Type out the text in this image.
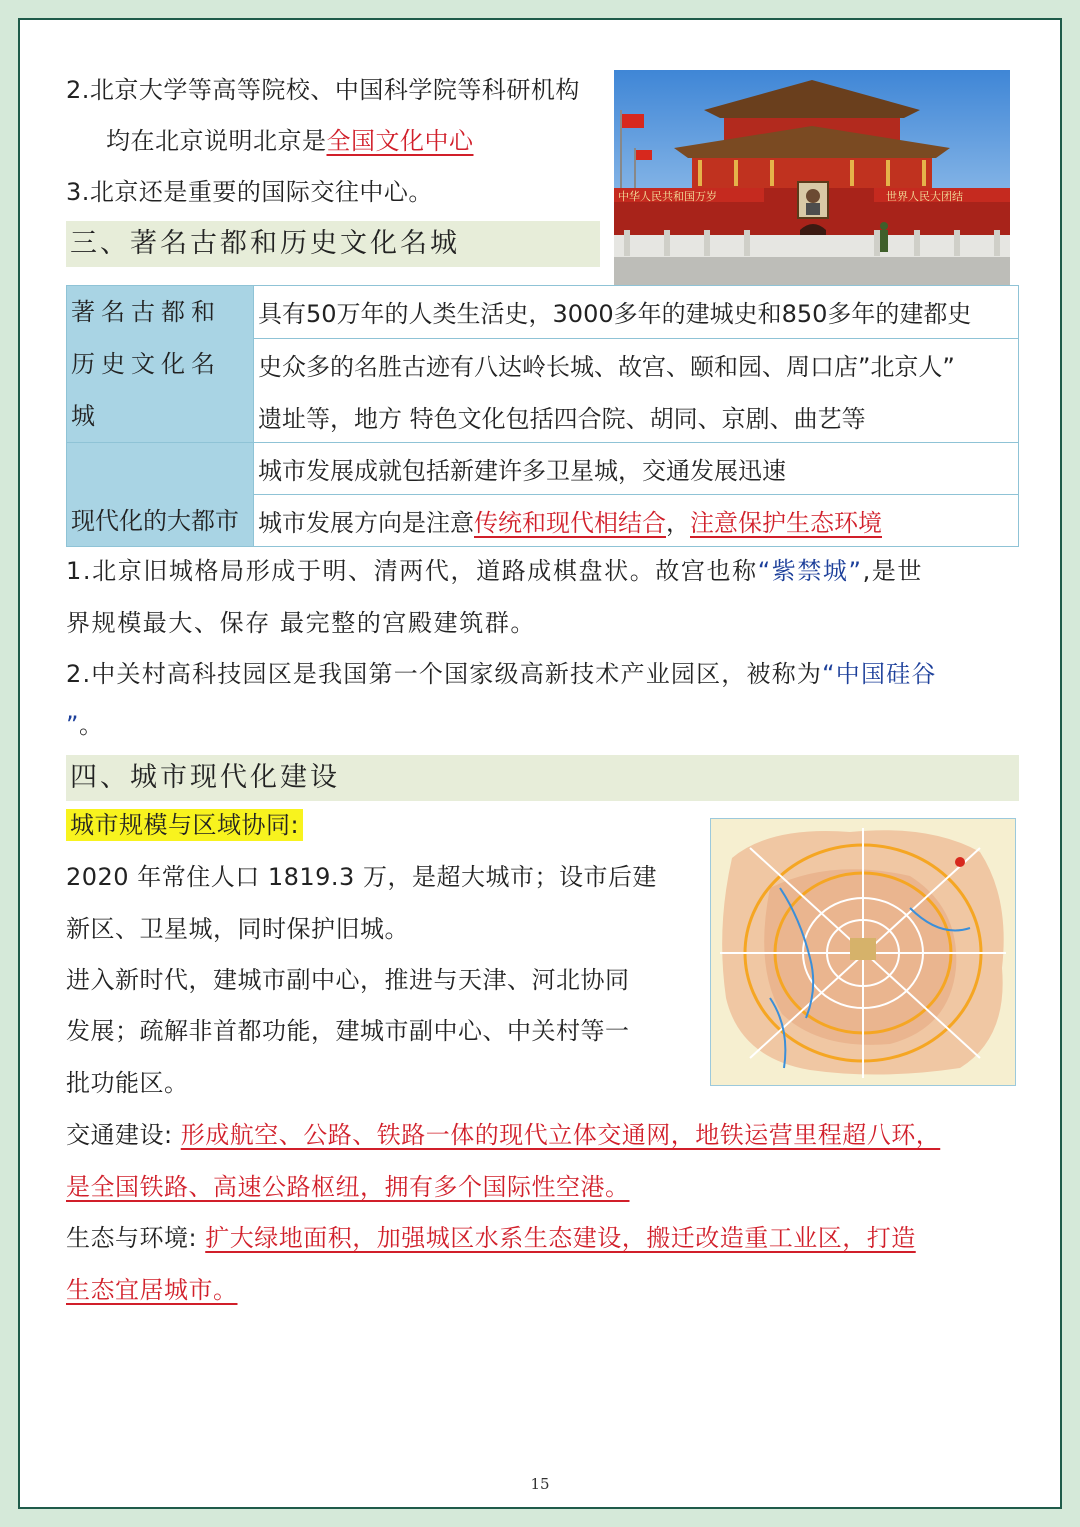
2.北京大学等高等院校、中国科学院等科研机构
均在北京说明北京是全国文化中心
3.北京还是重要的国际交往中心。
三、著名古都和历史文化名城
中华人民共和国万岁	世界人民大团结
著名古都和历史文化名城	具有50万年的人类生活史，3000多年的建城史和850多年的建都史
	史众多的名胜古迹有八达岭长城、故宫、颐和园、周口店”北京人”
	遗址等，地方 特色文化包括四合院、胡同、京剧、曲艺等
现代化的大都市	城市发展成就包括新建许多卫星城，交通发展迅速
	城市发展方向是注意传统和现代相结合，注意保护生态环境
1.北京旧城格局形成于明、清两代，道路成棋盘状。故宫也称“紫禁城”,是世
界规模最大、保存 最完整的宫殿建筑群。
2.中关村高科技园区是我国第一个国家级高新技术产业园区，被称为“中国硅谷
”。
四、城市现代化建设
城市规模与区域协同:
2020 年常住人口 1819.3 万，是超大城市；设市后建
新区、卫星城，同时保护旧城。
进入新时代，建城市副中心，推进与天津、河北协同
发展；疏解非首都功能，建城市副中心、中关村等一
批功能区。
交通建设: 形成航空、公路、铁路一体的现代立体交通网，地铁运营里程超八环，
是全国铁路、高速公路枢纽，拥有多个国际性空港。
生态与环境: 扩大绿地面积，加强城区水系生态建设，搬迁改造重工业区，打造
生态宜居城市。
15
